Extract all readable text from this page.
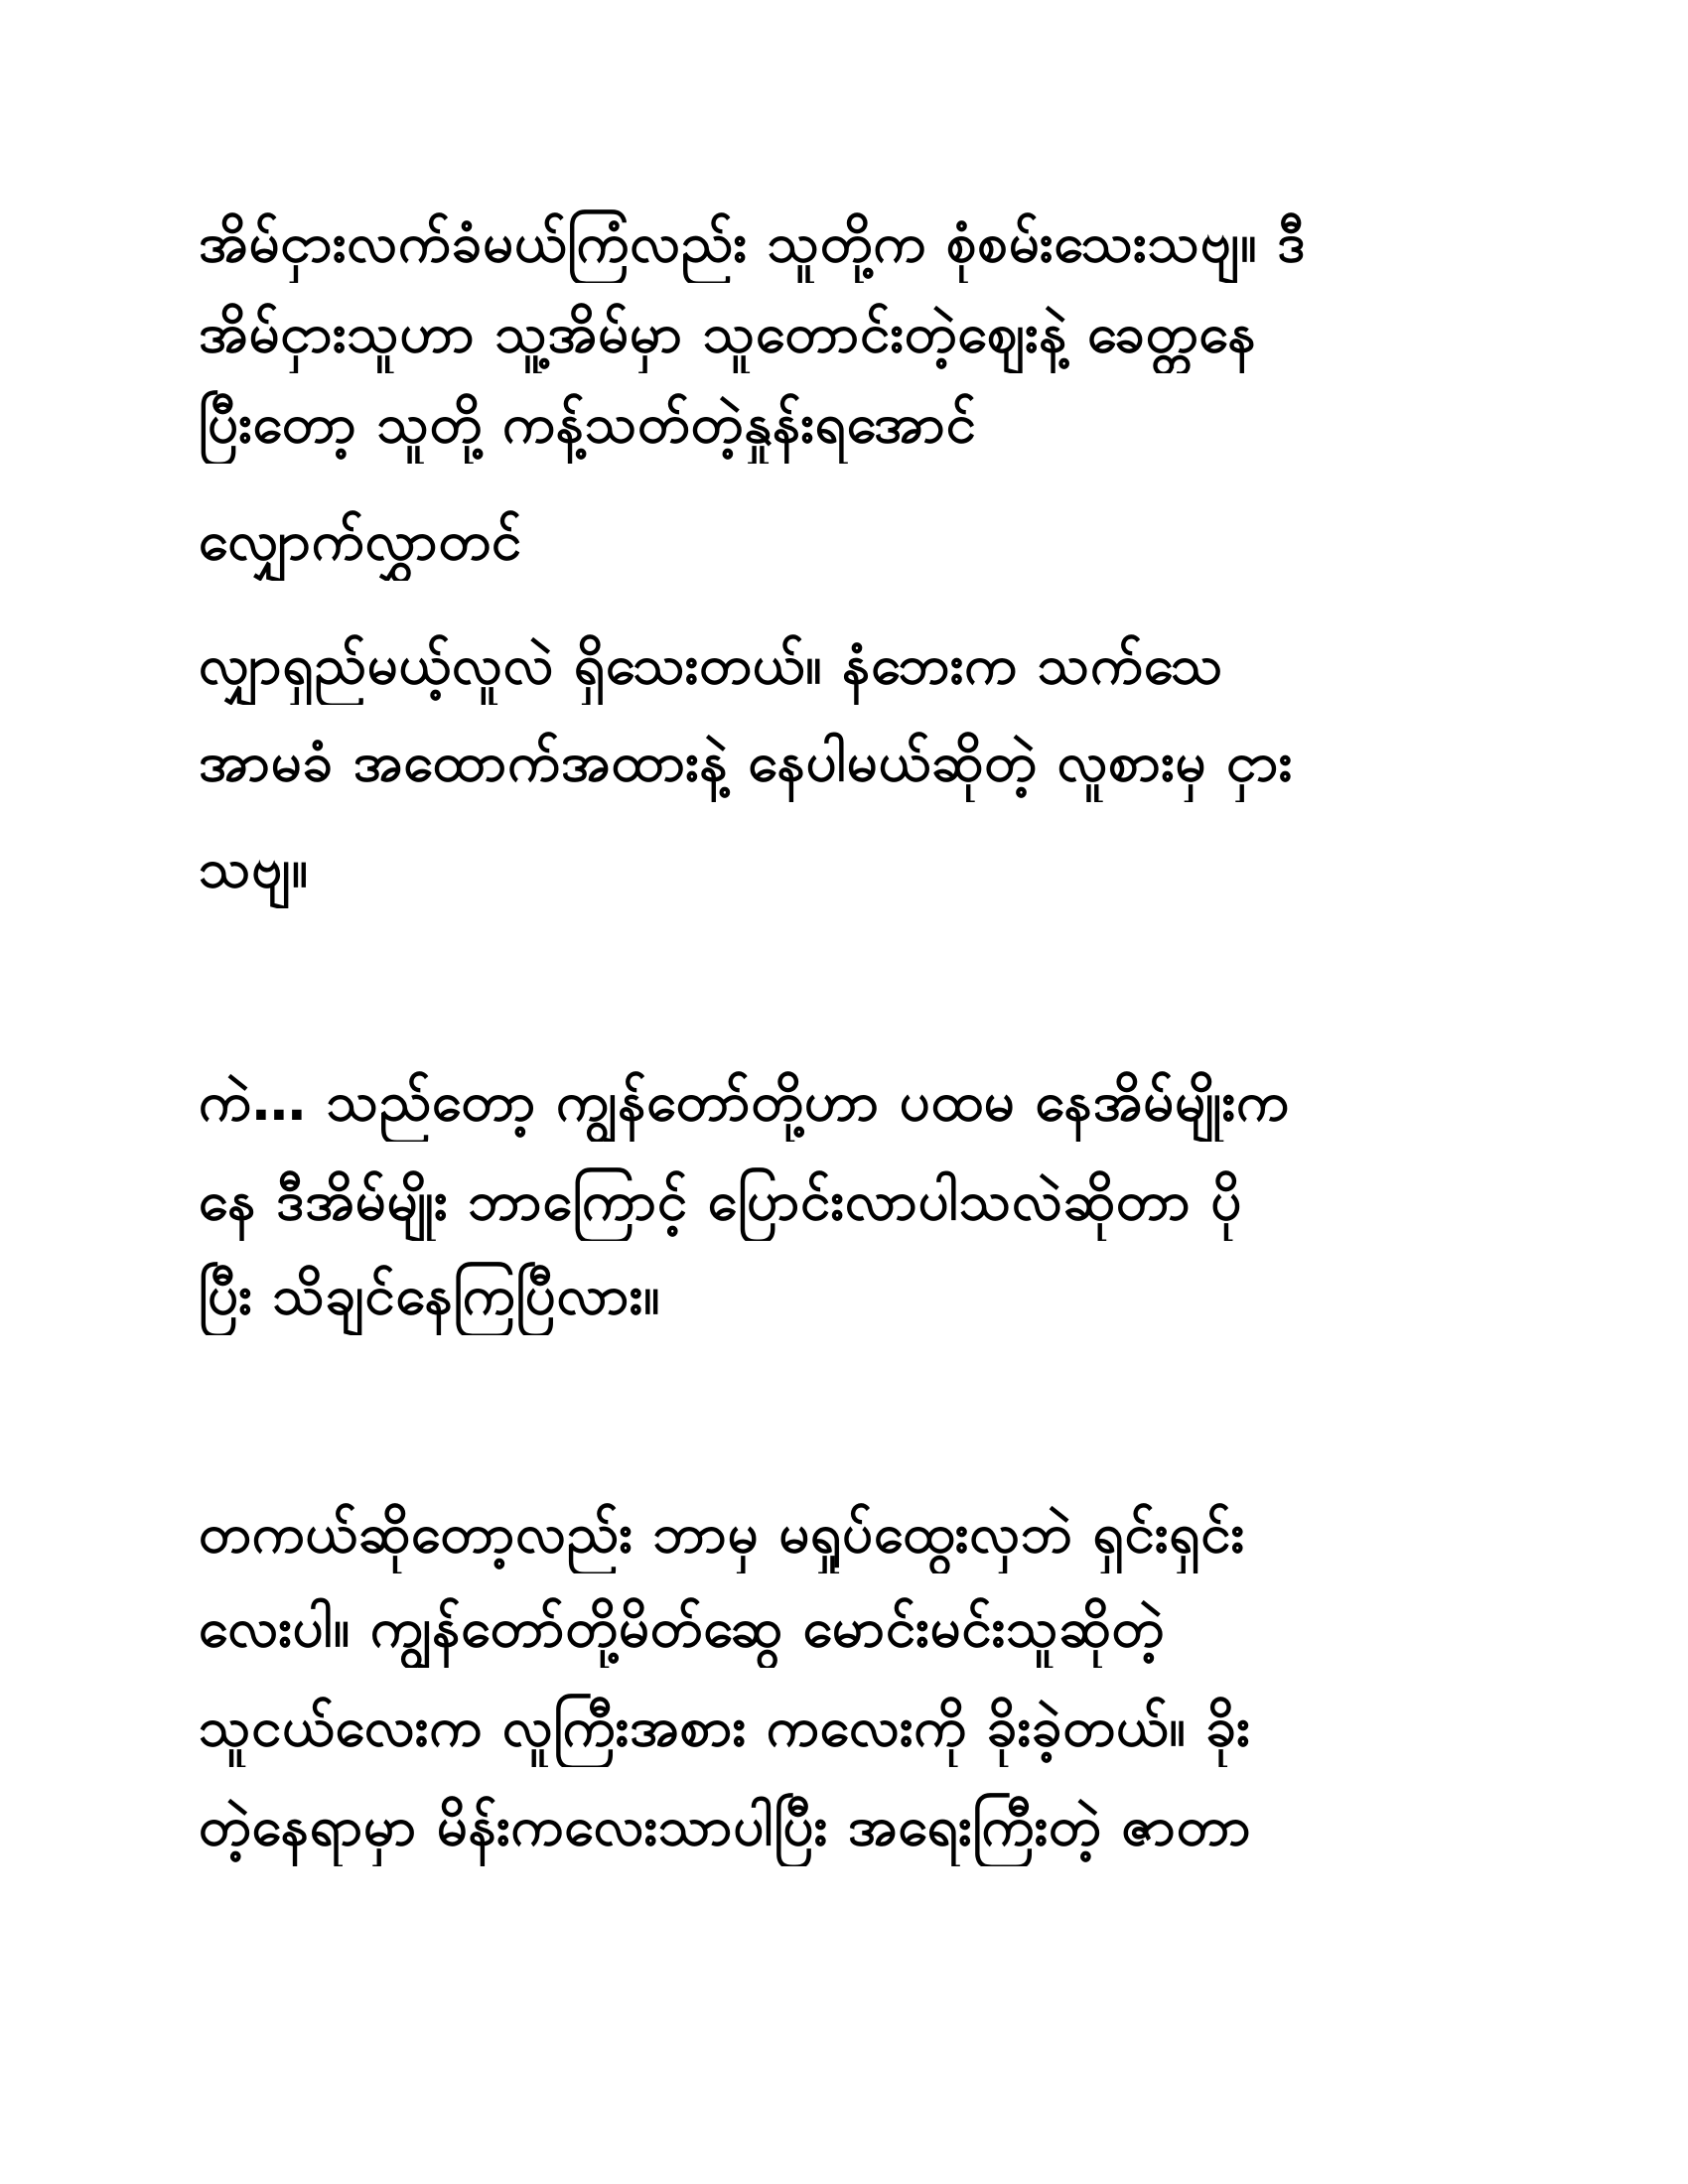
အိမ်ငှားလက်ခံမယ်ကြံလည်း သူတို့က စုံစမ်းသေးသဗျ။ ဒီ
အိမ်ငှားသူဟာ သူ့အိမ်မှာ သူတောင်းတဲ့ဈေးနဲ့ ခေတ္တနေ
ပြီးတော့ သူတို့ ကန့်သတ်တဲ့နှုန်းရအောင်
လျှောက်လွှာတင်
လျှာရှည်မယ့်လူလဲ ရှိသေးတယ်။ နံဘေးက သက်သေ
အာမခံ အထောက်အထားနဲ့ နေပါမယ်ဆိုတဲ့ လူစားမှ ငှား
သဗျ။
ကဲ… သည်တော့ ကျွန်တော်တို့ဟာ ပထမ နေအိမ်မျိုးက
နေ ဒီအိမ်မျိုး ဘာကြောင့် ပြောင်းလာပါသလဲဆိုတာ ပို
ပြီး သိချင်နေကြပြီလား။
တကယ်ဆိုတော့လည်း ဘာမှ မရှုပ်ထွေးလှဘဲ ရှင်းရှင်း
လေးပါ။ ကျွန်တော်တို့မိတ်ဆွေ မောင်းမင်းသူဆိုတဲ့
သူငယ်လေးက လူကြီးအစား ကလေးကို ခိုးခဲ့တယ်။ ခိုး
တဲ့နေရာမှာ မိန်းကလေးသာပါပြီး အရေးကြီးတဲ့ ဇာတာ
